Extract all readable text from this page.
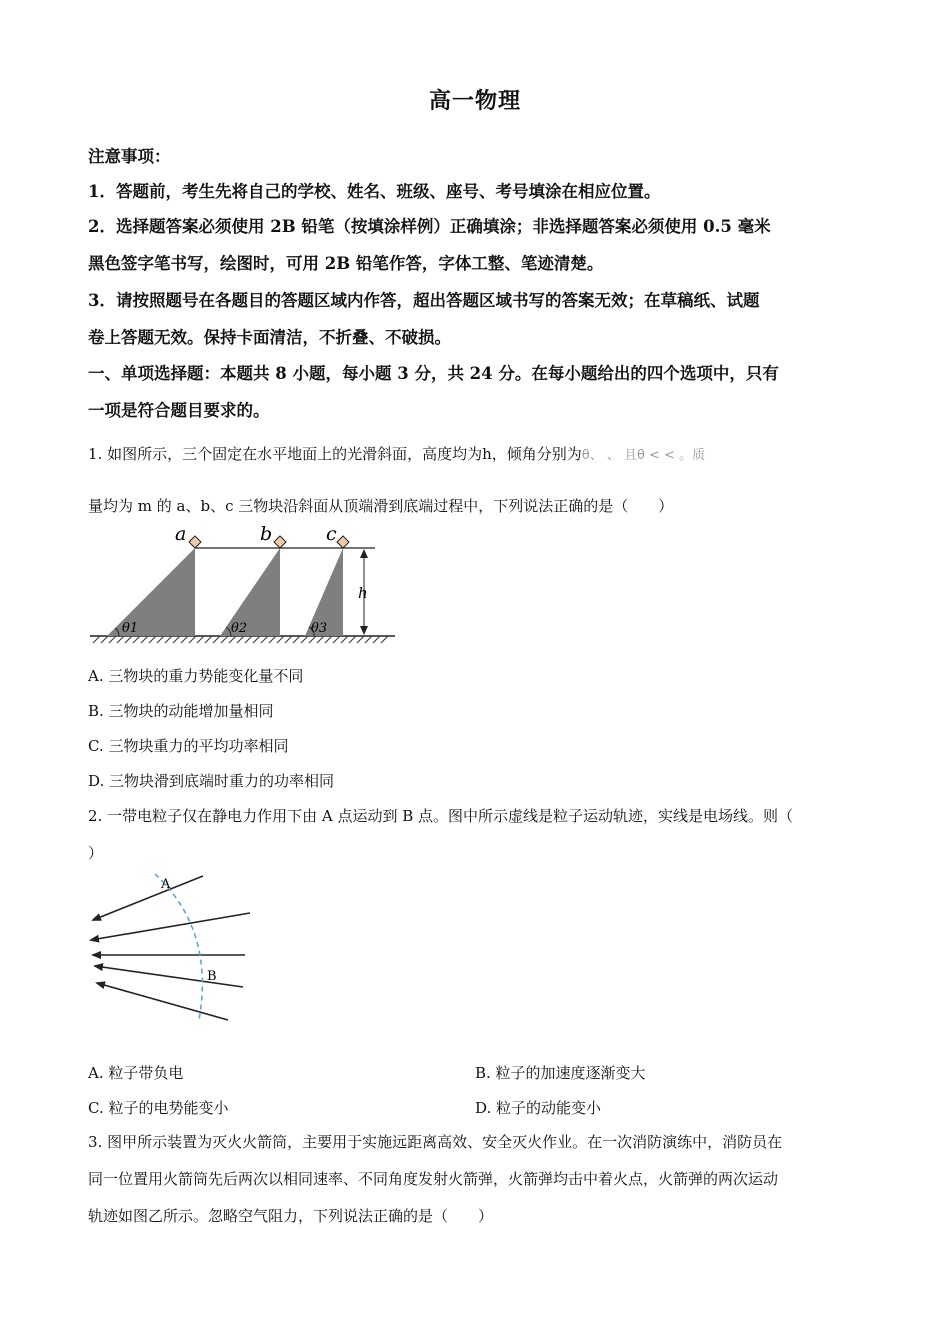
高一物理
注意事项：
1．答题前，考生先将自己的学校、姓名、班级、座号、考号填涂在相应位置。
2．选择题答案必须使用 2B 铅笔（按填涂样例）正确填涂；非选择题答案必须使用 0.5 毫米
黑色签字笔书写，绘图时，可用 2B 铅笔作答，字体工整、笔迹清楚。
3．请按照题号在各题目的答题区域内作答，超出答题区域书写的答案无效；在草稿纸、试题
卷上答题无效。保持卡面清洁，不折叠、不破损。
一、单项选择题：本题共 8 小题，每小题 3 分，共 24 分。在每小题给出的四个选项中，只有
一项是符合题目要求的。
1. 如图所示，三个固定在水平地面上的光滑斜面，高度均为h，倾角分别为θ、 、 且θ < < 。质
量均为 m 的 a、b、c 三物块沿斜面从顶端滑到底端过程中，下列说法正确的是（　　）
a	b	c
h
θ1	θ2	θ3
A. 三物块的重力势能变化量不同
B. 三物块的动能增加量相同
C. 三物块重力的平均功率相同
D. 三物块滑到底端时重力的功率相同
2. 一带电粒子仅在静电力作用下由 A 点运动到 B 点。图中所示虚线是粒子运动轨迹，实线是电场线。则（
）
A
B
A. 粒子带负电	B. 粒子的加速度逐渐变大
C. 粒子的电势能变小	D. 粒子的动能变小
3. 图甲所示装置为灭火火箭筒，主要用于实施远距离高效、安全灭火作业。在一次消防演练中，消防员在
同一位置用火箭筒先后两次以相同速率、不同角度发射火箭弹，火箭弹均击中着火点，火箭弹的两次运动
轨迹如图乙所示。忽略空气阻力，下列说法正确的是（　　）
